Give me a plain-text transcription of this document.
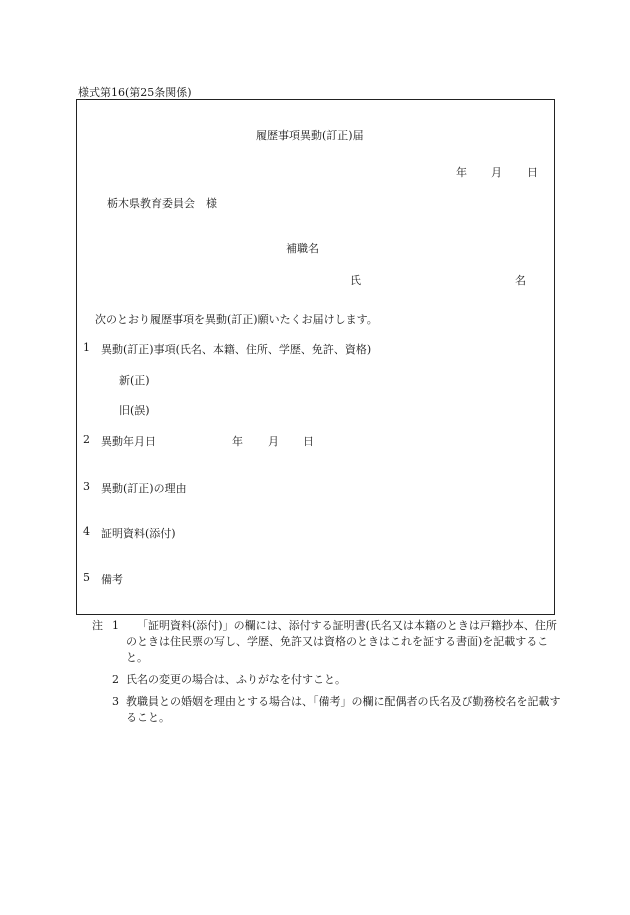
様式第16(第25条関係)
履歴事項異動(訂正)届
年 月 日
栃木県教育委員会　様
補職名
氏	名
次のとおり履歴事項を異動(訂正)願いたくお届けします。
1 異動(訂正)事項(氏名、本籍、住所、学歴、免許、資格)
新(正)
旧(誤)
2 異動年月日	年 月 日
3 異動(訂正)の理由
4 証明資料(添付)
5 備考
注 1	「証明資料(添付)」の欄には、添付する証明書(氏名又は本籍のときは戸籍抄本、住所のときは住民票の写し、学歴、免許又は資格のときはこれを証する書面)を記載すること。
2 氏名の変更の場合は、ふりがなを付すこと。
3 教職員との婚姻を理由とする場合は、「備考」の欄に配偶者の氏名及び勤務校名を記載すること。
